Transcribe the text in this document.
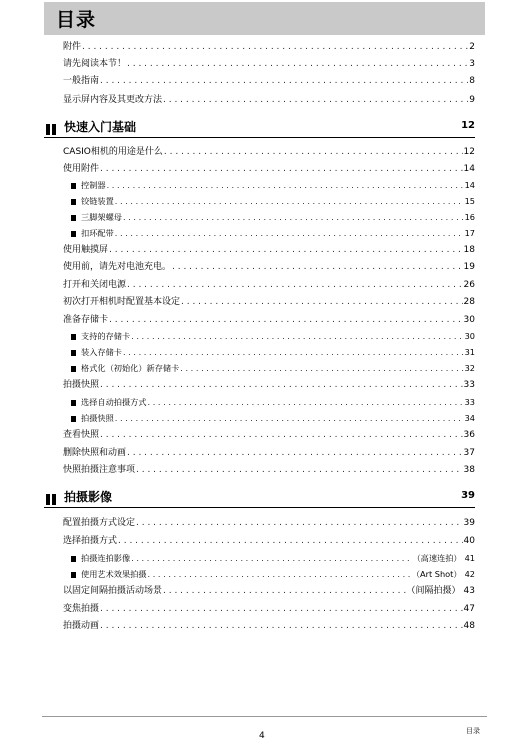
目录
附件 . . .	2
请先阅读本节！ . . .	3
一般指南 . . .	8
显示屏内容及其更改方法 . . .	9
快速入门基础	12
CASIO相机的用途是什么 . . .	12
使用附件 . . .	14
控制器 . . .	14
铰链装置 . . .	15
三脚架螺母 . . .	16
扣环配带 . . .	17
使用触摸屏 . . .	18
使用前，请先对电池充电。 . . .	19
打开和关闭电源 . . .	26
初次打开相机时配置基本设定 . . .	28
准备存储卡 . . .	30
支持的存储卡 . . .	30
装入存储卡 . . .	31
格式化（初始化）新存储卡 . . .	32
拍摄快照 . . .	33
选择自动拍摄方式 . . .	33
拍摄快照 . . .	34
查看快照 . . .	36
删除快照和动画 . . .	37
快照拍摄注意事项 . . .	38
拍摄影像	39
配置拍摄方式设定 . . .	39
选择拍摄方式 . . .	40
拍摄连拍影像 . . .	（高速连拍） 41
使用艺术效果拍摄 . . .	（Art Shot） 42
以固定间隔拍摄活动场景 . . .	（间隔拍摄） 43
变焦拍摄 . . .	47
拍摄动画 . . .	48
4	目录
